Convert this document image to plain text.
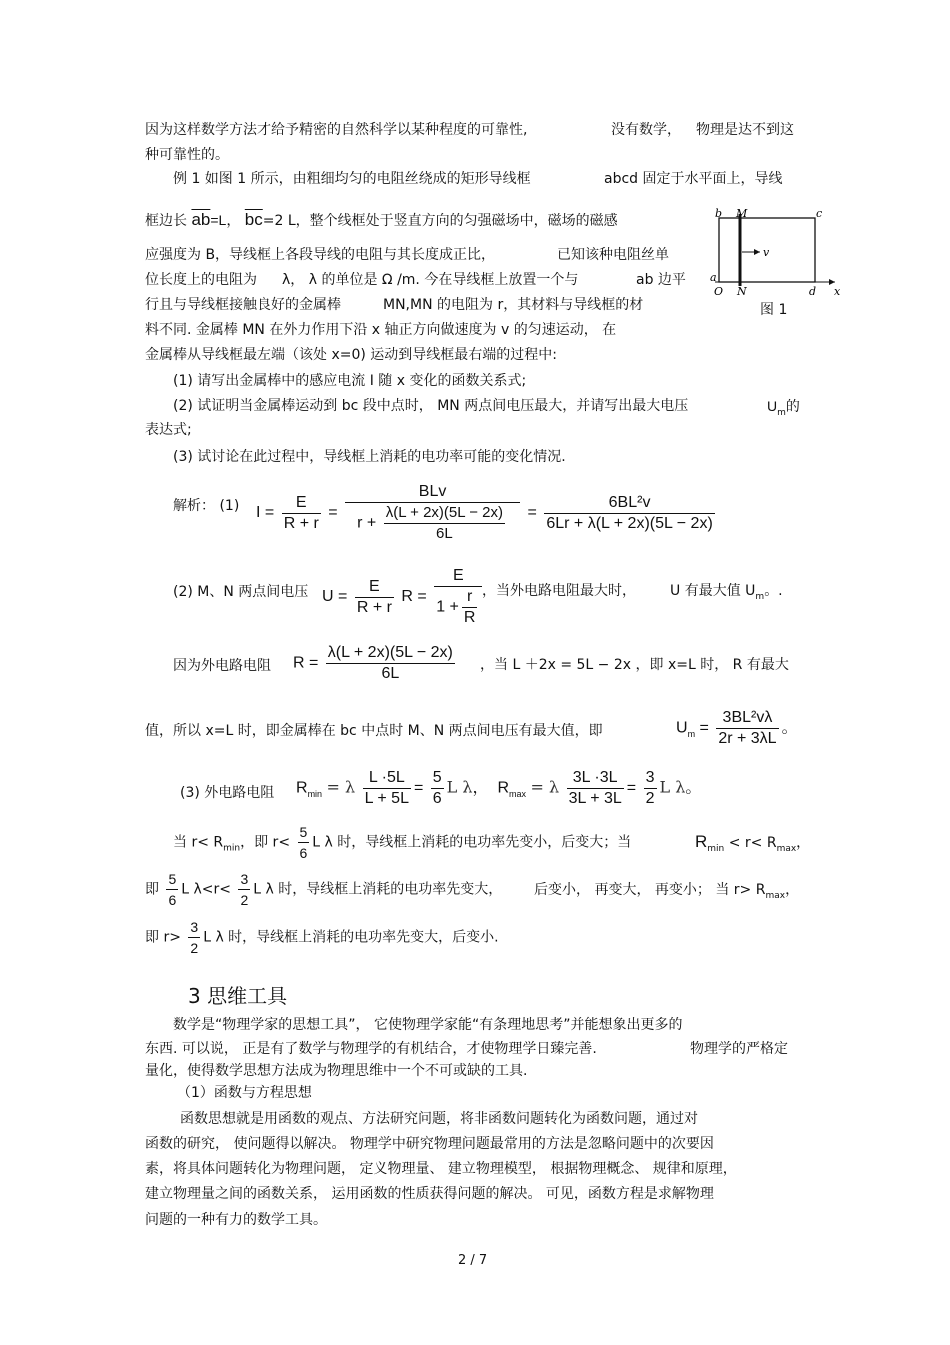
因为这样数学方法才给予精密的自然科学以某种程度的可靠性,	没有数学， 物理是达不到这
种可靠性的。
例 1 如图 1 所示，由粗细均匀的电阻丝绕成的矩形导线框	abcd 固定于水平面上，导线
框边长 $\overline{ab}=L$， $\overline{bc}=2$ L，整个线框处于竖直方向的匀强磁场中，磁场的磁感
应强度为 B，导线框上各段导线的电阻与其长度成正比，	已知该种电阻丝单
位长度上的电阻为 λ， λ 的单位是 Ω /m. 今在导线框上放置一个与	ab 边平
行且与导线框接触良好的金属棒	MN,MN 的电阻为 r，其材料与导线框的材
料不同. 金属棒 MN 在外力作用下沿 x 轴正方向做速度为 v 的匀速运动， 在
金属棒从导线框最左端（该处 x=0) 运动到导线框最右端的过程中:
b M	c
a
O N	d x
v
图 1
(1) 请写出金属棒中的感应电流 I 随 x 变化的函数关系式;
(2) 试证明当金属棒运动到 bc 段中点时， MN 两点间电压最大，并请写出最大电压	$U_m$的
表达式;
(3) 试讨论在此过程中，导线框上消耗的电功率可能的变化情况.
解析： (1) $I = \frac{E}{R + r} = \frac{\text{BLv}}{r + \frac{\lambda(L + 2x)(5L - 2x)}{6L}} = \frac{\text{6BL²v}}{6Lr + \lambda(L + 2x)(5L - 2x)}$
(2) M、N 两点间电压 $U = \frac{E}{R + r}$ $R = \frac{E}{1 + \frac{r}{R}}$ ，当外电路电阻最大时， U 有最大值 $U_m$。.
因为外电路电阻 $R = \frac{\lambda(L + 2x)(5L - 2x)}{6L}$ ，当 L ＋2x = 5L − 2x ，即 x=L 时， R 有最大
值，所以 x=L 时，即金属棒在 bc 中点时 M、N 两点间电压有最大值，即	$U_m = \frac{\text{3BL²vλ}}{2r + 3\lambda L}$ 。
(3) 外电路电阻 $R_{min} = \lambda \frac{L \cdot 5L}{L + 5L} = \frac{5}{6}$ L λ， $R_{max} = \lambda \frac{3L \cdot 3L}{3L + 3L} = \frac{3}{2}$ L λ。
当 $r< R_{min}$，即 $r< \frac{5}{6}$ L λ 时，导线框上消耗的电功率先变小，后变大；当	$R_{min} < r< R_{max}$，
即 $\frac{5}{6}$ L $\lambda<r< \frac{3}{2}$ L λ 时，导线框上消耗的电功率先变大， 后变小， 再变大， 再变小； 当 $r> R_{max}$，
即 $r> \frac{3}{2}$ L λ 时，导线框上消耗的电功率先变大，后变小.
3 思维工具
数学是“物理学家的思想工具”， 它使物理学家能“有条理地思考”并能想象出更多的
东西. 可以说， 正是有了数学与物理学的有机结合，才使物理学日臻完善.	物理学的严格定
量化，使得数学思想方法成为物理思维中一个不可或缺的工具.
（1）函数与方程思想
函数思想就是用函数的观点、方法研究问题，将非函数问题转化为函数问题，通过对
函数的研究， 使问题得以解决。 物理学中研究物理问题最常用的方法是忽略问题中的次要因
素，将具体问题转化为物理问题， 定义物理量、 建立物理模型， 根据物理概念、 规律和原理，
建立物理量之间的函数关系， 运用函数的性质获得问题的解决。 可见，函数方程是求解物理
问题的一种有力的数学工具。
2 / 7
